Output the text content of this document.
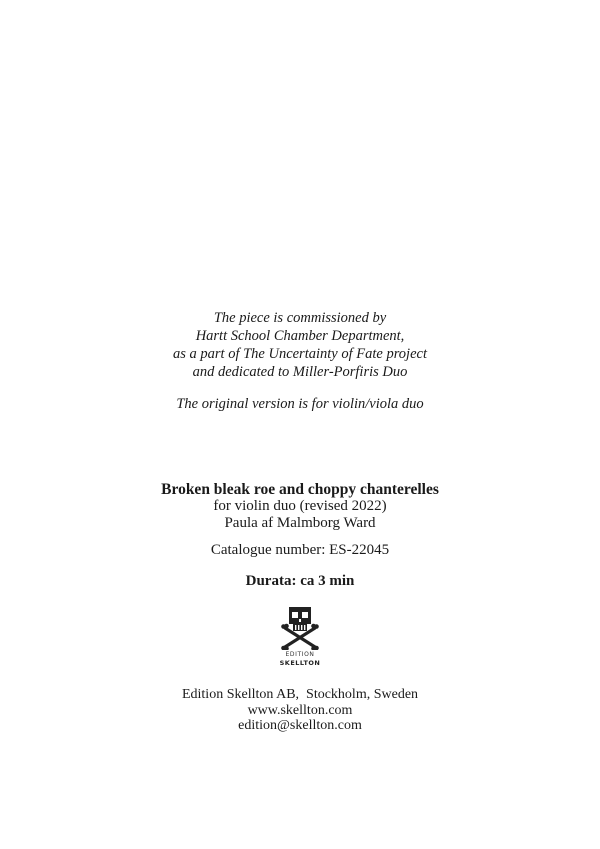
The piece is commissioned by
Hartt School Chamber Department,
as a part of The Uncertainty of Fate project
and dedicated to Miller-Porfiris Duo
The original version is for violin/viola duo
Broken bleak roe and choppy chanterelles
for violin duo (revised 2022)
Paula af Malmborg Ward
Catalogue number: ES-22045
Durata: ca 3 min
EDITION
SKELLTON
Edition Skellton AB,  Stockholm, Sweden
www.skellton.com
edition@skellton.com
